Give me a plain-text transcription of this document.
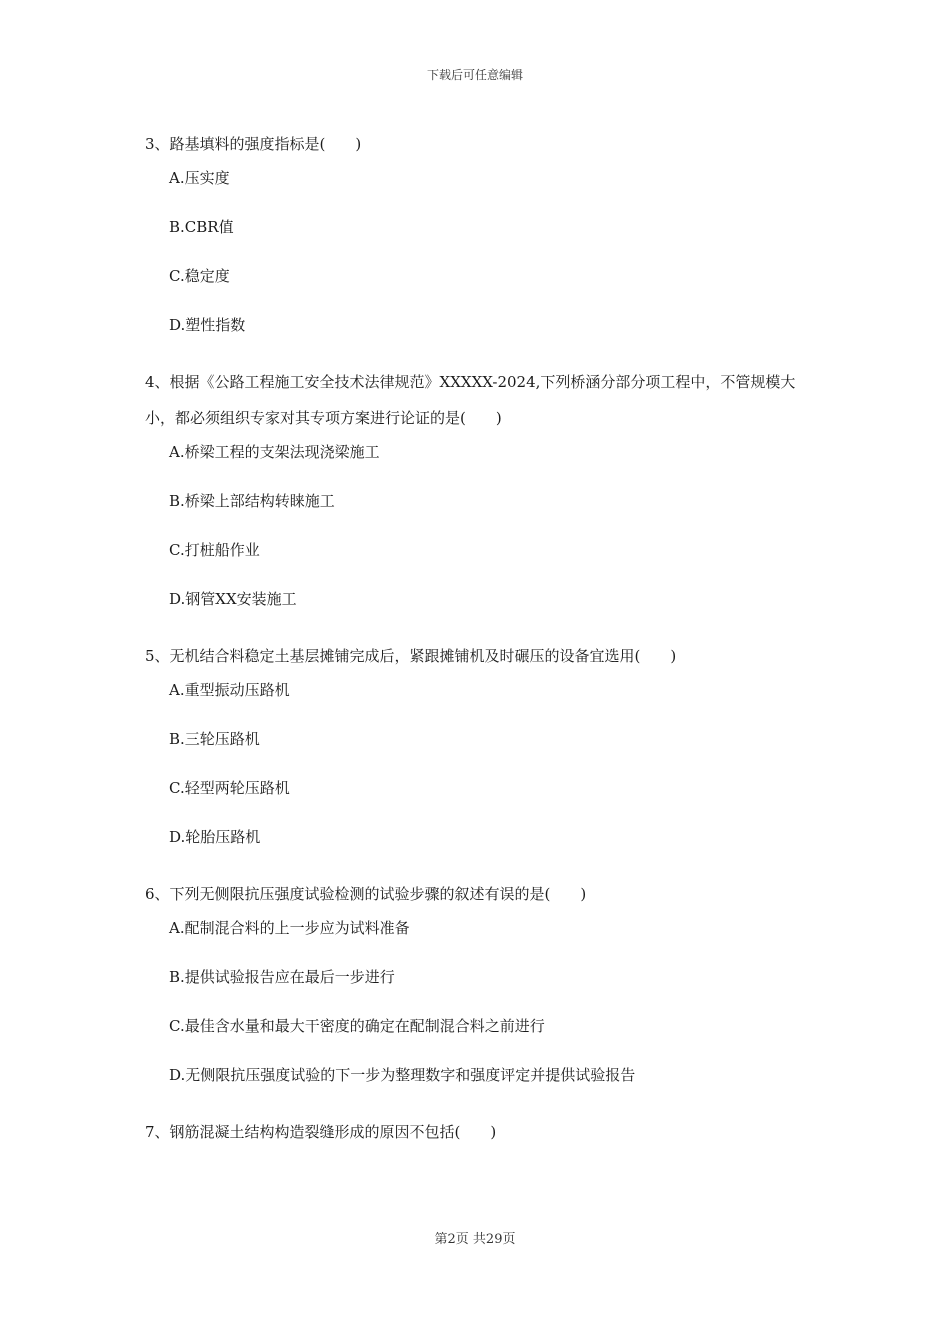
下载后可任意编辑

3、路基填料的强度指标是(　　)

A.压实度

B.CBR值

C.稳定度

D.塑性指数

4、根据《公路工程施工安全技术法律规范》XXXXX-2024,下列桥涵分部分项工程中，不管规模大小，都必须组织专家对其专项方案进行论证的是(　　)

A.桥梁工程的支架法现浇梁施工

B.桥梁上部结构转睐施工

C.打桩船作业

D.钢管XX安装施工

5、无机结合料稳定土基层摊铺完成后，紧跟摊铺机及时碾压的设备宜选用(　　)

A.重型振动压路机

B.三轮压路机

C.轻型两轮压路机

D.轮胎压路机

6、下列无侧限抗压强度试验检测的试验步骤的叙述有误的是(　　)

A.配制混合料的上一步应为试料准备

B.提供试验报告应在最后一步进行

C.最佳含水量和最大干密度的确定在配制混合料之前进行

D.无侧限抗压强度试验的下一步为整理数字和强度评定并提供试验报告

7、钢筋混凝土结构构造裂缝形成的原因不包括(　　)

第2页 共29页
